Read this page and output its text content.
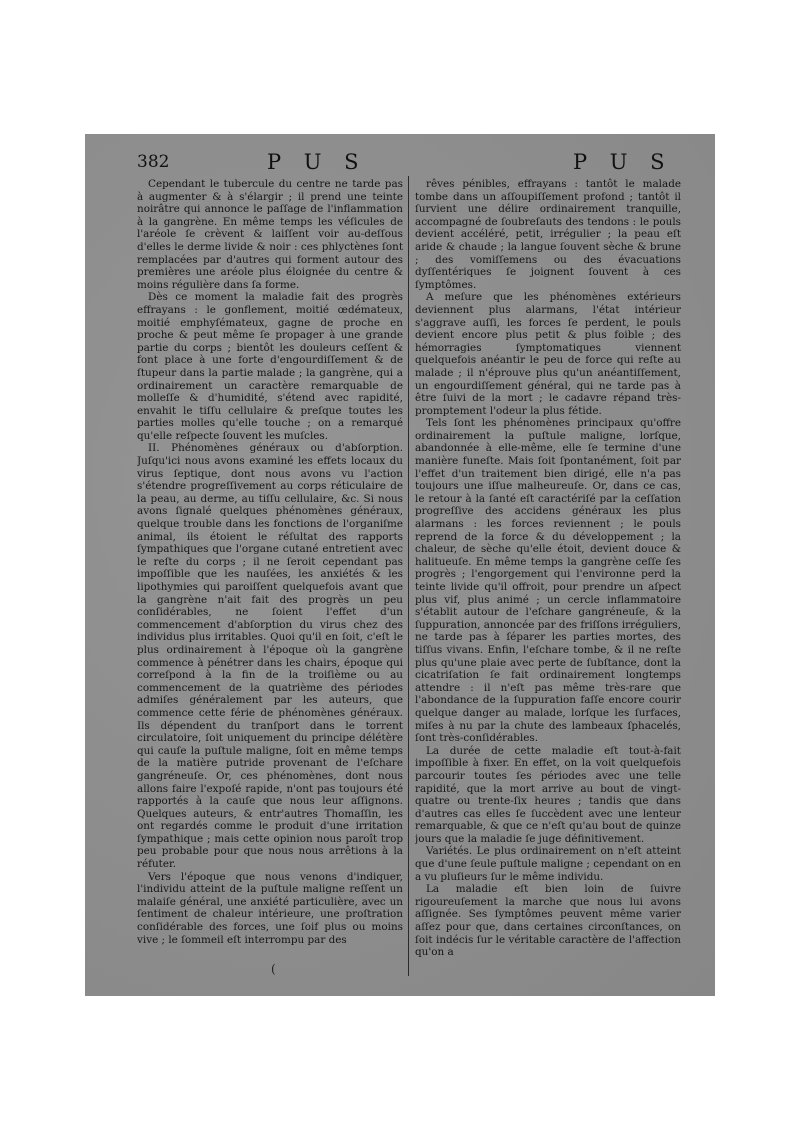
382	P U S	P U S

Cependant le tubercule du centre ne tarde pas à augmenter & à s'élargir ; il prend une teinte noirâtre qui annonce le paſſage de l'inflammation à la gangrène. En même temps les véſicules de l'aréole ſe crèvent & laiſſent voir au-deſſous d'elles le derme livide & noir : ces phlyctènes ſont remplacées par d'autres qui forment autour des premières une aréole plus éloignée du centre & moins régulière dans ſa forme.

Dès ce moment la maladie fait des progrès effrayans : le gonflement, moitié œdémateux, moitié emphyſémateux, gagne de proche en proche & peut même ſe propager à une grande partie du corps ; bientôt les douleurs ceſſent & font place à une forte d'engourdiſſement & de ſtupeur dans la partie malade ; la gangrène, qui a ordinairement un caractère remarquable de molleſſe & d'humidité, s'étend avec rapidité, envahit le tiſſu cellulaire & preſque toutes les parties molles qu'elle touche ; on a remarqué qu'elle reſpecte ſouvent les muſcles.

II. Phénomènes généraux ou d'abſorption. Juſqu'ici nous avons examiné les effets locaux du virus ſeptique, dont nous avons vu l'action s'étendre progreſſivement au corps réticulaire de la peau, au derme, au tiſſu cellulaire, &c. Si nous avons ſignalé quelques phénomènes généraux, quelque trouble dans les fonctions de l'organiſme animal, ils étoient le réſultat des rapports ſympathiques que l'organe cutané entretient avec le reſte du corps ; il ne ſeroit cependant pas impoſſible que les nauſées, les anxiétés & les lipothymies qui paroiſſent quelquefois avant que la gangrène n'ait fait des progrès un peu conſidérables, ne ſoient l'effet d'un commencement d'abſorption du virus chez des individus plus irritables. Quoi qu'il en ſoit, c'eſt le plus ordinairement à l'époque où la gangrène commence à pénétrer dans les chairs, époque qui correſpond à la fin de la troiſième ou au commencement de la quatrième des périodes admiſes généralement par les auteurs, que commence cette férie de phénomènes généraux. Ils dépendent du tranſport dans le torrent circulatoire, ſoit uniquement du principe délétère qui cauſe la puſtule maligne, ſoit en même temps de la matière putride provenant de l'eſchare gangréneuſe. Or, ces phénomènes, dont nous allons faire l'expoſé rapide, n'ont pas toujours été rapportés à la cauſe que nous leur aſſignons. Quelques auteurs, & entr'autres Thomaſſin, les ont regardés comme le produit d'une irritation ſympathique ; mais cette opinion nous paroît trop peu probable pour que nous nous arrêtions à la réfuter.

Vers l'époque que nous venons d'indiquer, l'individu atteint de la puſtule maligne reſſent un malaiſe général, une anxiété particulière, avec un ſentiment de chaleur intérieure, une proſtration conſidérable des forces, une ſoif plus ou moins vive ; le ſommeil eſt interrompu par des

rêves pénibles, effrayans : tantôt le malade tombe dans un aſſoupiſſement profond ; tantôt il ſurvient une délire ordinairement tranquille, accompagné de ſoubreſauts des tendons : le pouls devient accéléré, petit, irrégulier ; la peau eſt aride & chaude ; la langue ſouvent sèche & brune ; des vomiſſemens ou des évacuations dyſſentériques ſe joignent ſouvent à ces ſymptômes.

A meſure que les phénomènes extérieurs deviennent plus alarmans, l'état intérieur s'aggrave auſſi, les forces ſe perdent, le pouls devient encore plus petit & plus foible ; des hémorragies ſymptomatiques viennent quelquefois anéantir le peu de force qui reſte au malade ; il n'éprouve plus qu'un anéantiſſement, un engourdiſſement général, qui ne tarde pas à être ſuivi de la mort ; le cadavre répand très-promptement l'odeur la plus fétide.

Tels ſont les phénomènes principaux qu'offre ordinairement la puſtule maligne, lorſque, abandonnée à elle-même, elle ſe termine d'une manière funeſte. Mais ſoit ſpontanément, ſoit par l'effet d'un traitement bien dirigé, elle n'a pas toujours une iſſue malheureuſe. Or, dans ce cas, le retour à la ſanté eſt caractériſé par la ceſſation progreſſive des accidens généraux les plus alarmans : les forces reviennent ; le pouls reprend de la force & du développement ; la chaleur, de sèche qu'elle étoit, devient douce & halitueuſe. En même temps la gangrène ceſſe ſes progrès ; l'engorgement qui l'environne perd la teinte livide qu'il offroit, pour prendre un aſpect plus vif, plus animé ; un cercle inflammatoire s'établit autour de l'eſchare gangréneuſe, & la ſuppuration, annoncée par des friſſons irréguliers, ne tarde pas à ſéparer les parties mortes, des tiſſus vivans. Enfin, l'eſchare tombe, & il ne reſte plus qu'une plaie avec perte de ſubſtance, dont la cicatriſation ſe fait ordinairement longtemps attendre : il n'eſt pas même très-rare que l'abondance de la ſuppuration faſſe encore courir quelque danger au malade, lorſque les ſurfaces, miſes à nu par la chute des lambeaux ſphacelés, ſont très-conſidérables.

La durée de cette maladie eſt tout-à-fait impoſſible à fixer. En effet, on la voit quelquefois parcourir toutes ſes périodes avec une telle rapidité, que la mort arrive au bout de vingt-quatre ou trente-ſix heures ; tandis que dans d'autres cas elles ſe ſuccèdent avec une lenteur remarquable, & que ce n'eſt qu'au bout de quinze jours que la maladie ſe juge définitivement.

Variétés. Le plus ordinairement on n'eſt atteint que d'une ſeule puſtule maligne ; cependant on en a vu pluſieurs ſur le même individu.

La maladie eſt bien loin de ſuivre rigoureuſement la marche que nous lui avons aſſignée. Ses ſymptômes peuvent même varier aſſez pour que, dans certaines circonſtances, on ſoit indécis ſur le véritable caractère de l'affection qu'on a

(
